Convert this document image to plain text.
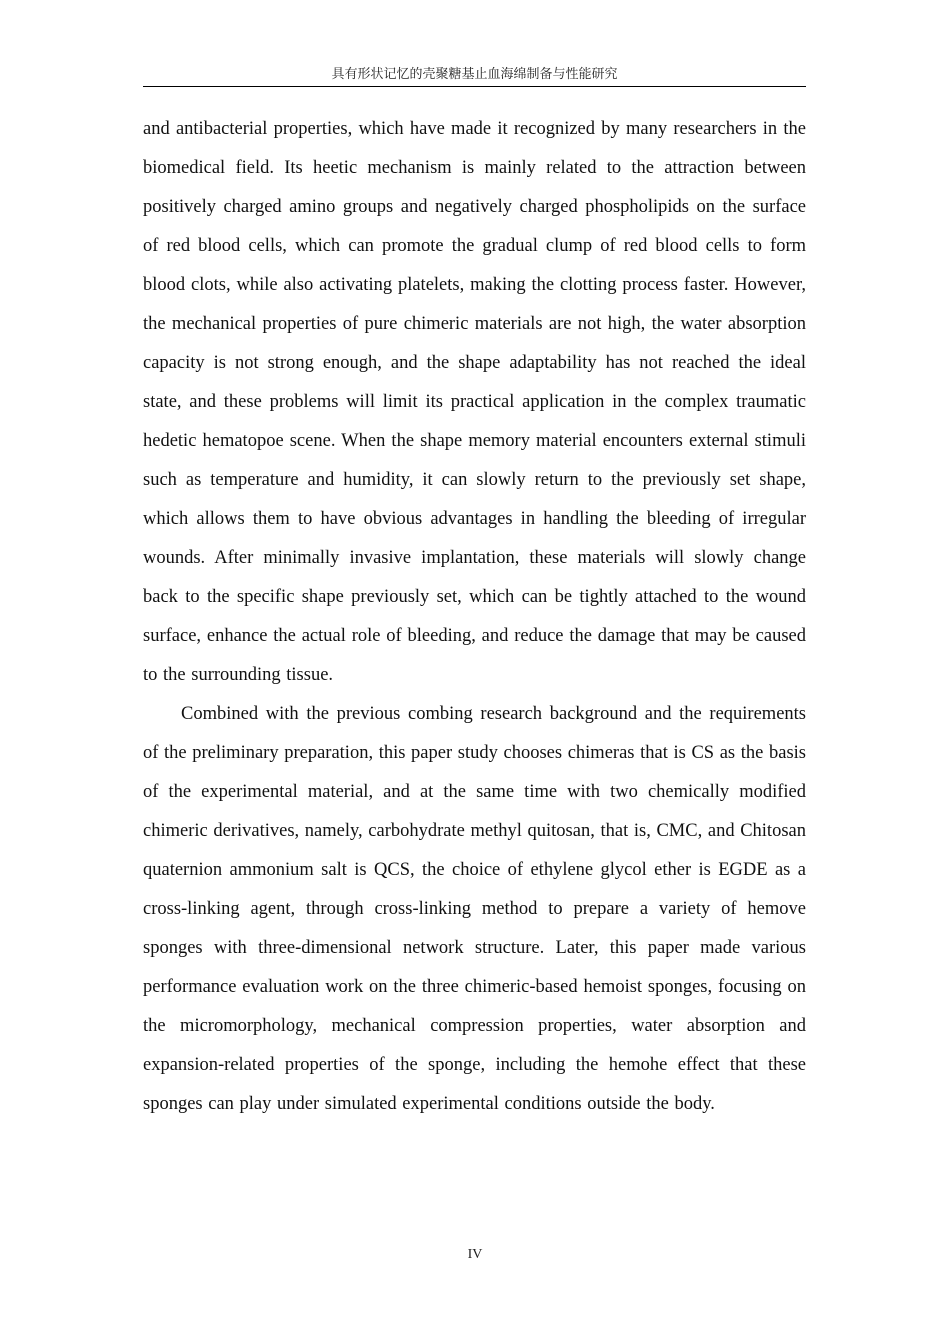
具有形状记忆的壳聚糖基止血海绵制备与性能研究

and antibacterial properties, which have made it recognized by many researchers in the biomedical field. Its heetic mechanism is mainly related to the attraction between positively charged amino groups and negatively charged phospholipids on the surface of red blood cells, which can promote the gradual clump of red blood cells to form blood clots, while also activating platelets, making the clotting process faster. However, the mechanical properties of pure chimeric materials are not high, the water absorption capacity is not strong enough, and the shape adaptability has not reached the ideal state, and these problems will limit its practical application in the complex traumatic hedetic hematopoe scene. When the shape memory material encounters external stimuli such as temperature and humidity, it can slowly return to the previously set shape, which allows them to have obvious advantages in handling the bleeding of irregular wounds. After minimally invasive implantation, these materials will slowly change back to the specific shape previously set, which can be tightly attached to the wound surface, enhance the actual role of bleeding, and reduce the damage that may be caused to the surrounding tissue.

Combined with the previous combing research background and the requirements of the preliminary preparation, this paper study chooses chimeras that is CS as the basis of the experimental material, and at the same time with two chemically modified chimeric derivatives, namely, carbohydrate methyl quitosan, that is, CMC, and Chitosan quaternion ammonium salt is QCS, the choice of ethylene glycol ether is EGDE as a cross-linking agent, through cross-linking method to prepare a variety of hemove sponges with three-dimensional network structure. Later, this paper made various performance evaluation work on the three chimeric-based hemoist sponges, focusing on the micromorphology, mechanical compression properties, water absorption and expansion-related properties of the sponge, including the hemohe effect that these sponges can play under simulated experimental conditions outside the body.

IV
